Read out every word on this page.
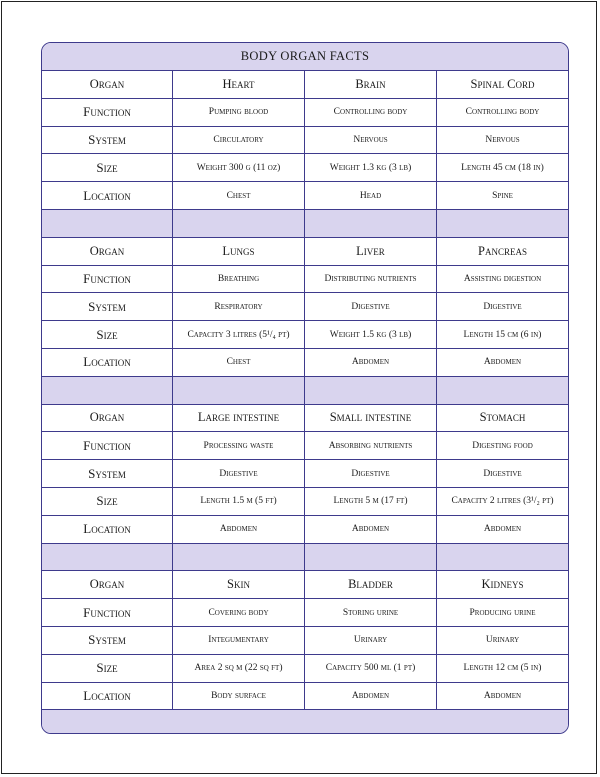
BODY ORGAN FACTS
Organ	Heart	Brain	Spinal Cord
Function	Pumping blood	Controlling body	Controlling body
System	Circulatory	Nervous	Nervous
Size	Weight 300 g (11 oz)	Weight 1.3 kg (3 lb)	Length 45 cm (18 in)
Location	Chest	Head	Spine
Organ	Lungs	Liver	Pancreas
Function	Breathing	Distributing nutrients	Assisting digestion
System	Respiratory	Digestive	Digestive
Size	Capacity 3 litres (5¹/₄ pt)	Weight 1.5 kg (3 lb)	Length 15 cm (6 in)
Location	Chest	Abdomen	Abdomen
Organ	Large intestine	Small intestine	Stomach
Function	Processing waste	Absorbing nutrients	Digesting food
System	Digestive	Digestive	Digestive
Size	Length 1.5 m (5 ft)	Length 5 m (17 ft)	Capacity 2 litres (3¹/₂ pt)
Location	Abdomen	Abdomen	Abdomen
Organ	Skin	Bladder	Kidneys
Function	Covering body	Storing urine	Producing urine
System	Integumentary	Urinary	Urinary
Size	Area 2 sq m (22 sq ft)	Capacity 500 ml (1 pt)	Length 12 cm (5 in)
Location	Body surface	Abdomen	Abdomen
